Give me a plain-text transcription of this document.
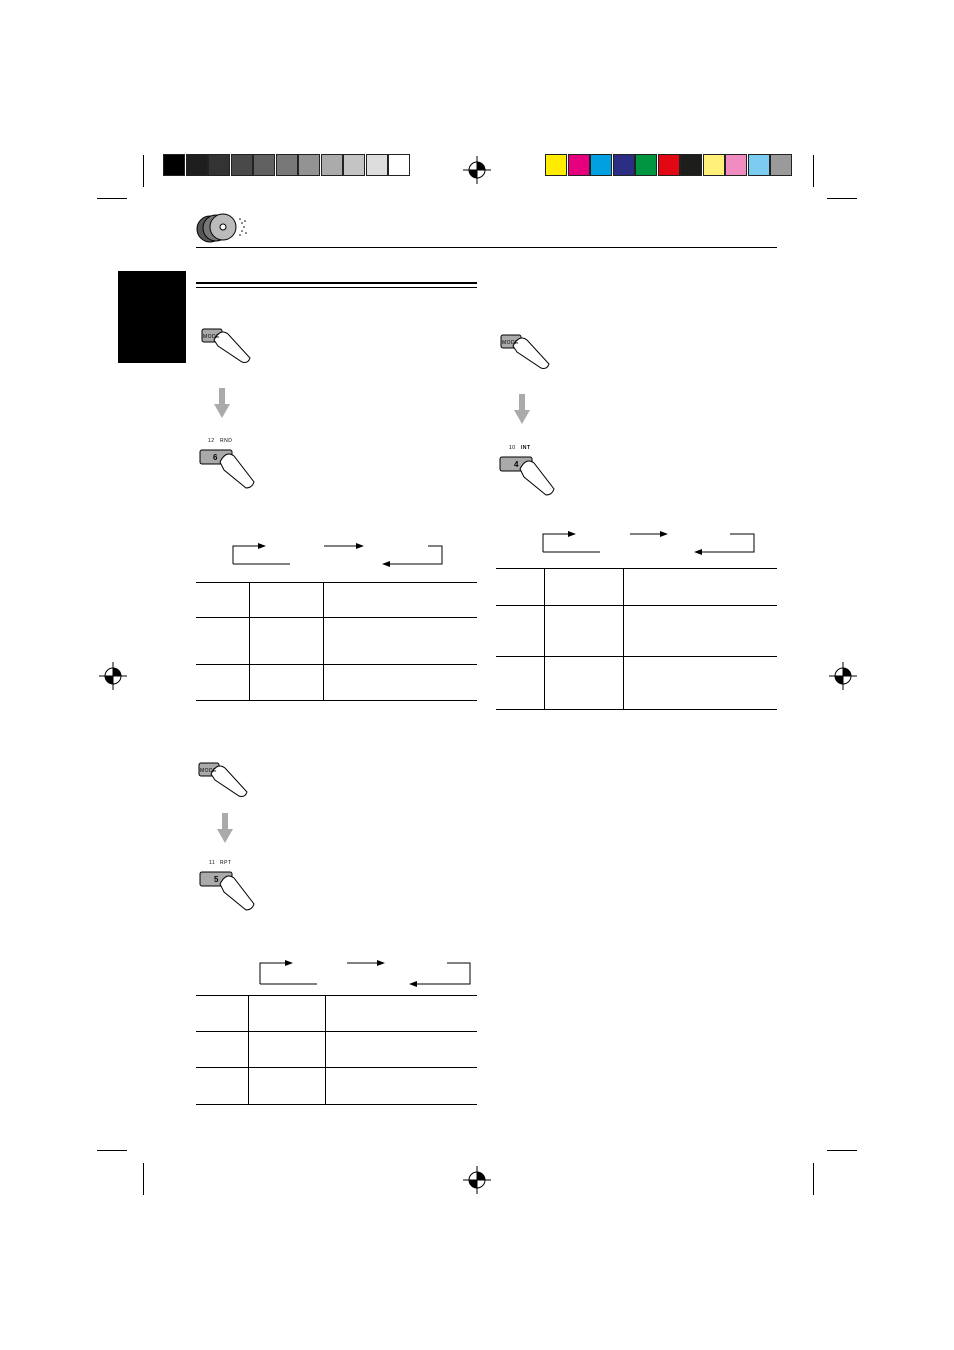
MODE
12 RND
6

MODE
10 INT
4

MODE
11 RPT
5
